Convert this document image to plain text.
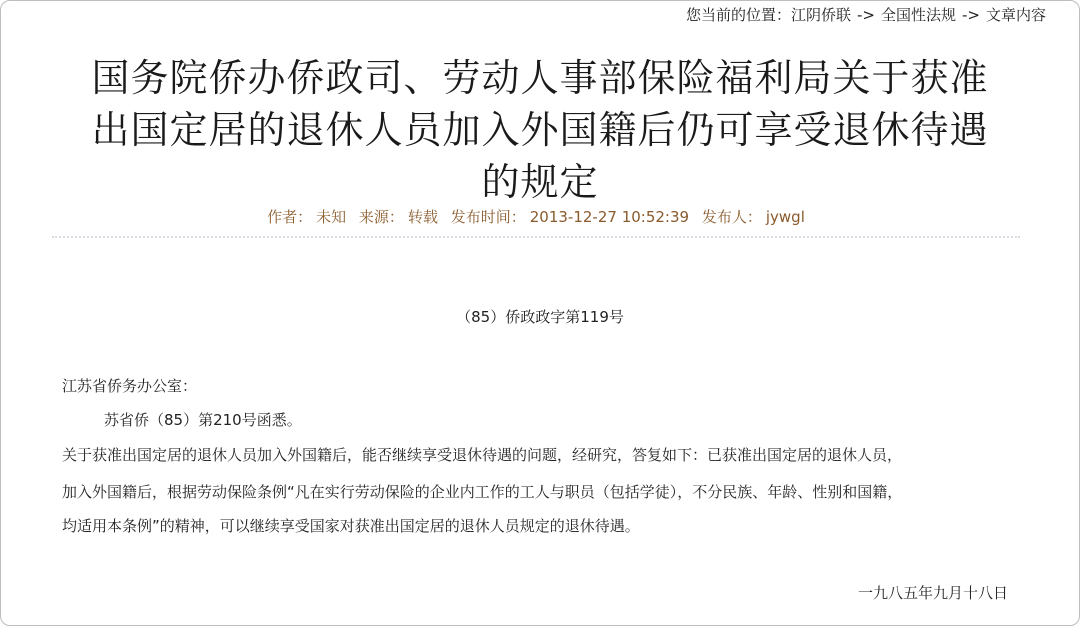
您当前的位置：江阴侨联 -> 全国性法规 -> 文章内容
国务院侨办侨政司、劳动人事部保险福利局关于获准
出国定居的退休人员加入外国籍后仍可享受退休待遇
的规定
作者： 未知 来源： 转载 发布时间： 2013-12-27 10:52:39 发布人： jywgl
（85）侨政政字第119号
江苏省侨务办公室：
苏省侨（85）第210号函悉。
关于获准出国定居的退休人员加入外国籍后，能否继续享受退休待遇的问题，经研究，答复如下：已获准出国定居的退休人员，
加入外国籍后，根据劳动保险条例“凡在实行劳动保险的企业内工作的工人与职员（包括学徒），不分民族、年龄、性别和国籍，
均适用本条例”的精神，可以继续享受国家对获准出国定居的退休人员规定的退休待遇。
一九八五年九月十八日
